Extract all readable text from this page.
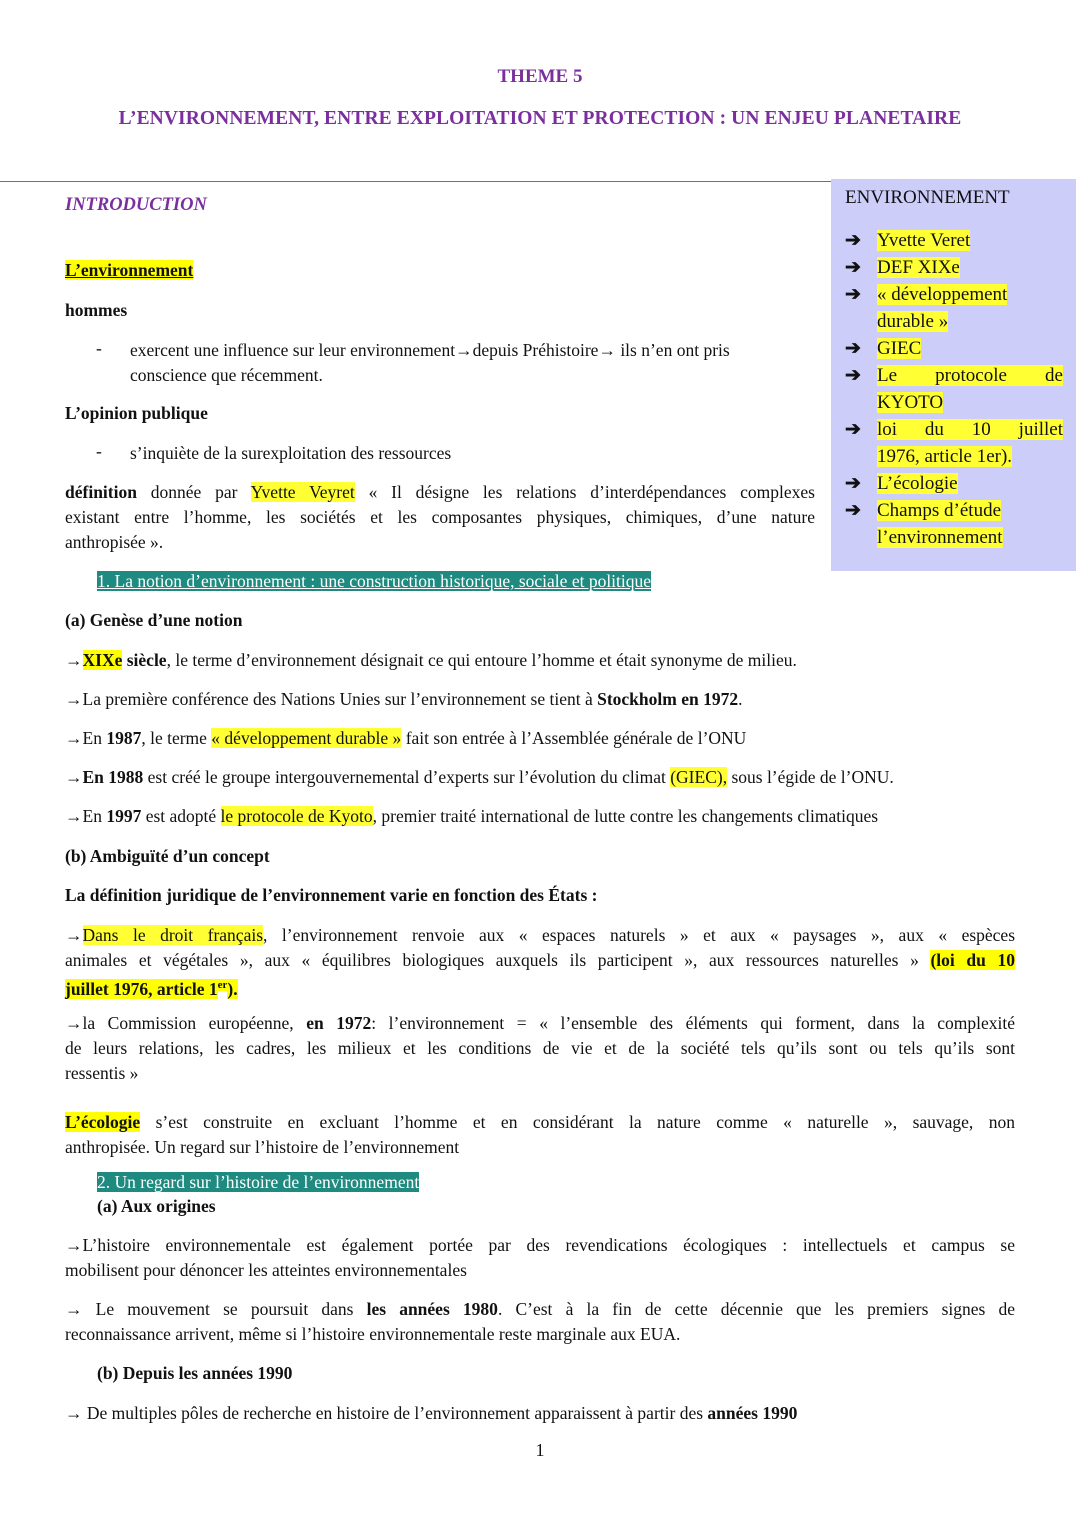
THEME 5
L’ENVIRONNEMENT, ENTRE EXPLOITATION ET PROTECTION : UN ENJEU PLANETAIRE
ENVIRONNEMENT
➔ Yvette Veret
➔ DEF XIXe
➔ « développement
durable »
➔ GIEC
➔ Le protocole de
KYOTO
➔ loi du 10 juillet
1976, article 1er).
➔ L’écologie
➔ Champs d’étude
l’environnement
INTRODUCTION
L’environnement
hommes
- exercent une influence sur leur environnement→depuis Préhistoire→ ils n’en ont pris
conscience que récemment.
L’opinion publique
- s’inquiète de la surexploitation des ressources
définition donnée par Yvette Veyret « Il désigne les relations d’interdépendances complexes
existant entre l’homme, les sociétés et les composantes physiques, chimiques, d’une nature
anthropisée ».
1. La notion d’environnement : une construction historique, sociale et politique
(a) Genèse d’une notion
→XIXe siècle, le terme d’environnement désignait ce qui entoure l’homme et était synonyme de milieu.
→La première conférence des Nations Unies sur l’environnement se tient à Stockholm en 1972.
→En 1987, le terme « développement durable » fait son entrée à l’Assemblée générale de l’ONU
→En 1988 est créé le groupe intergouvernemental d’experts sur l’évolution du climat (GIEC), sous l’égide de l’ONU.
→En 1997 est adopté le protocole de Kyoto, premier traité international de lutte contre les changements climatiques
(b) Ambiguïté d’un concept
La définition juridique de l’environnement varie en fonction des États :
→Dans le droit français, l’environnement renvoie aux « espaces naturels » et aux « paysages », aux « espèces
animales et végétales », aux « équilibres biologiques auxquels ils participent », aux ressources naturelles » (loi du 10
juillet 1976, article 1er).
→la Commission européenne, en 1972: l’environnement = « l’ensemble des éléments qui forment, dans la complexité
de leurs relations, les cadres, les milieux et les conditions de vie et de la société tels qu’ils sont ou tels qu’ils sont
ressentis »
L’écologie s’est construite en excluant l’homme et en considérant la nature comme « naturelle », sauvage, non
anthropisée. Un regard sur l’histoire de l’environnement
2. Un regard sur l’histoire de l’environnement
(a) Aux origines
→L’histoire environnementale est également portée par des revendications écologiques : intellectuels et campus se
mobilisent pour dénoncer les atteintes environnementales
→ Le mouvement se poursuit dans les années 1980. C’est à la fin de cette décennie que les premiers signes de
reconnaissance arrivent, même si l’histoire environnementale reste marginale aux EUA.
(b) Depuis les années 1990
→ De multiples pôles de recherche en histoire de l’environnement apparaissent à partir des années 1990
1
